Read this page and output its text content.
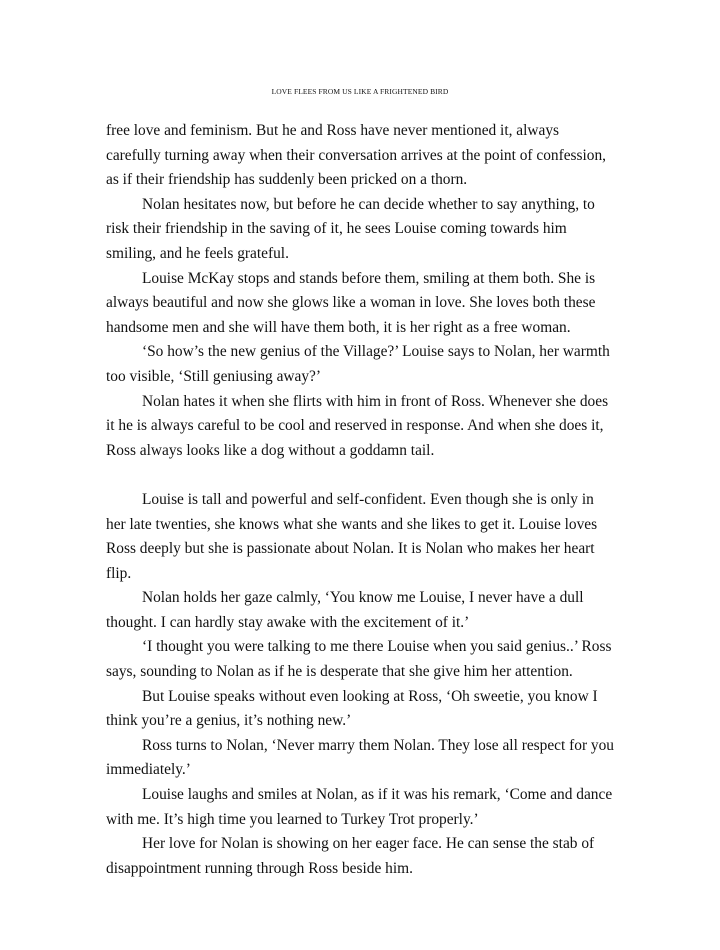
LOVE FLEES FROM US LIKE A FRIGHTENED BIRD

free love and feminism. But he and Ross have never mentioned it, always carefully turning away when their conversation arrives at the point of confession, as if their friendship has suddenly been pricked on a thorn.

Nolan hesitates now, but before he can decide whether to say anything, to risk their friendship in the saving of it, he sees Louise coming towards him smiling, and he feels grateful.

Louise McKay stops and stands before them, smiling at them both. She is always beautiful and now she glows like a woman in love. She loves both these handsome men and she will have them both, it is her right as a free woman.

‘So how’s the new genius of the Village?’ Louise says to Nolan, her warmth too visible, ‘Still geniusing away?’

Nolan hates it when she flirts with him in front of Ross. Whenever she does it he is always careful to be cool and reserved in response. And when she does it, Ross always looks like a dog without a goddamn tail.

Louise is tall and powerful and self-confident. Even though she is only in her late twenties, she knows what she wants and she likes to get it. Louise loves Ross deeply but she is passionate about Nolan. It is Nolan who makes her heart flip.

Nolan holds her gaze calmly, ‘You know me Louise, I never have a dull thought. I can hardly stay awake with the excitement of it.’

‘I thought you were talking to me there Louise when you said genius..’ Ross says, sounding to Nolan as if he is desperate that she give him her attention.

But Louise speaks without even looking at Ross, ‘Oh sweetie, you know I think you’re a genius, it’s nothing new.’

Ross turns to Nolan, ‘Never marry them Nolan. They lose all respect for you immediately.’

Louise laughs and smiles at Nolan, as if it was his remark, ‘Come and dance with me. It’s high time you learned to Turkey Trot properly.’

Her love for Nolan is showing on her eager face. He can sense the stab of disappointment running through Ross beside him.
